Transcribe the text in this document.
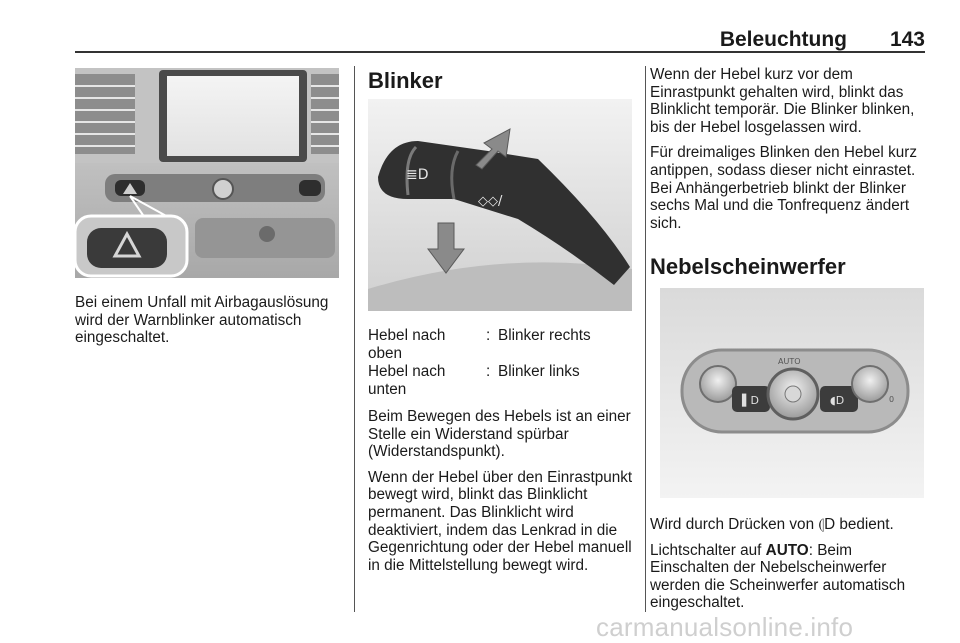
Beleuchtung 143

Bei einem Unfall mit Airbagauslösung wird der Warnblinker automatisch eingeschaltet.

Blinker
≣D
◇◇/
Hebel nach oben
: Blinker rechts
Hebel nach unten
: Blinker links

Beim Bewegen des Hebels ist an einer Stelle ein Widerstand spürbar (Widerstandspunkt).

Wenn der Hebel über den Einrastpunkt bewegt wird, blinkt das Blinklicht permanent. Das Blinklicht wird deaktiviert, indem das Lenkrad in die Gegenrichtung oder der Hebel manuell in die Mittelstellung bewegt wird.

Wenn der Hebel kurz vor dem Einrastpunkt gehalten wird, blinkt das Blinklicht temporär. Die Blinker blinken, bis der Hebel losgelassen wird.

Für dreimaliges Blinken den Hebel kurz antippen, sodass dieser nicht einrastet. Bei Anhängerbetrieb blinkt der Blinker sechs Mal und die Tonfrequenz ändert sich.

Nebelscheinwerfer
▌D	◖D
AUTO
0

Wird durch Drücken von ⦇D bedient.

Lichtschalter auf AUTO: Beim Einschalten der Nebelscheinwerfer werden die Scheinwerfer automatisch eingeschaltet.

carmanualsonline.info
